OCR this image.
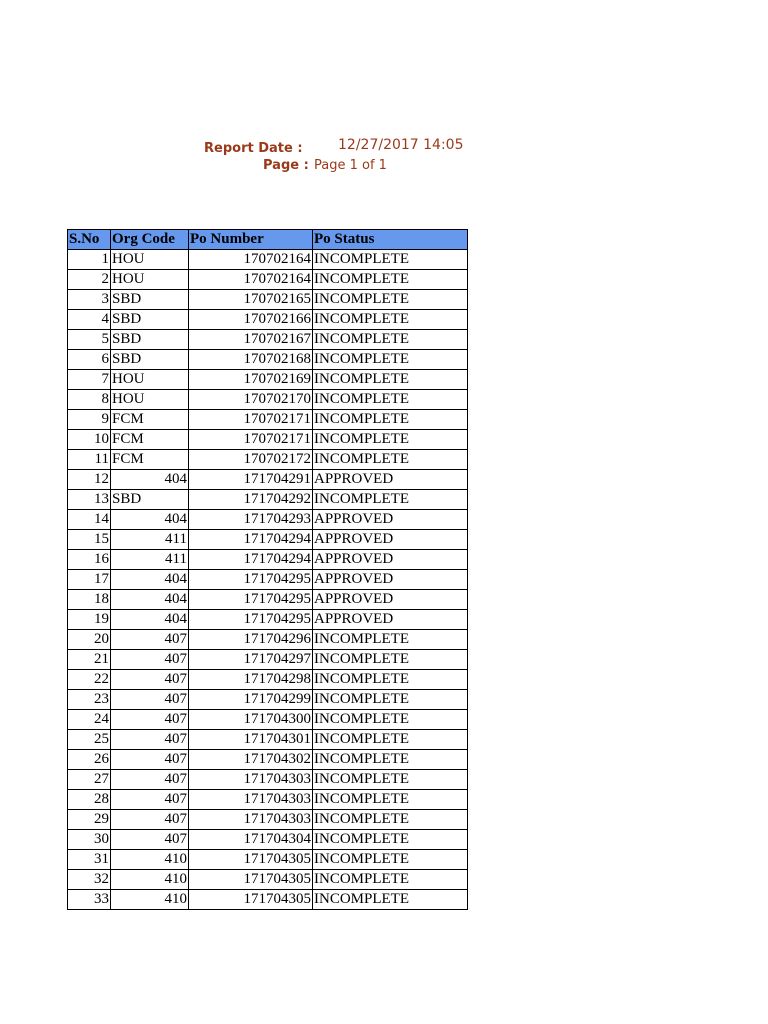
Report Date :	12/27/2017 14:05
Page : Page 1 of 1
S.No	Org Code	Po Number	Po Status
1	HOU	170702164	INCOMPLETE
2	HOU	170702164	INCOMPLETE
3	SBD	170702165	INCOMPLETE
4	SBD	170702166	INCOMPLETE
5	SBD	170702167	INCOMPLETE
6	SBD	170702168	INCOMPLETE
7	HOU	170702169	INCOMPLETE
8	HOU	170702170	INCOMPLETE
9	FCM	170702171	INCOMPLETE
10	FCM	170702171	INCOMPLETE
11	FCM	170702172	INCOMPLETE
12	404	171704291	APPROVED
13	SBD	171704292	INCOMPLETE
14	404	171704293	APPROVED
15	411	171704294	APPROVED
16	411	171704294	APPROVED
17	404	171704295	APPROVED
18	404	171704295	APPROVED
19	404	171704295	APPROVED
20	407	171704296	INCOMPLETE
21	407	171704297	INCOMPLETE
22	407	171704298	INCOMPLETE
23	407	171704299	INCOMPLETE
24	407	171704300	INCOMPLETE
25	407	171704301	INCOMPLETE
26	407	171704302	INCOMPLETE
27	407	171704303	INCOMPLETE
28	407	171704303	INCOMPLETE
29	407	171704303	INCOMPLETE
30	407	171704304	INCOMPLETE
31	410	171704305	INCOMPLETE
32	410	171704305	INCOMPLETE
33	410	171704305	INCOMPLETE
